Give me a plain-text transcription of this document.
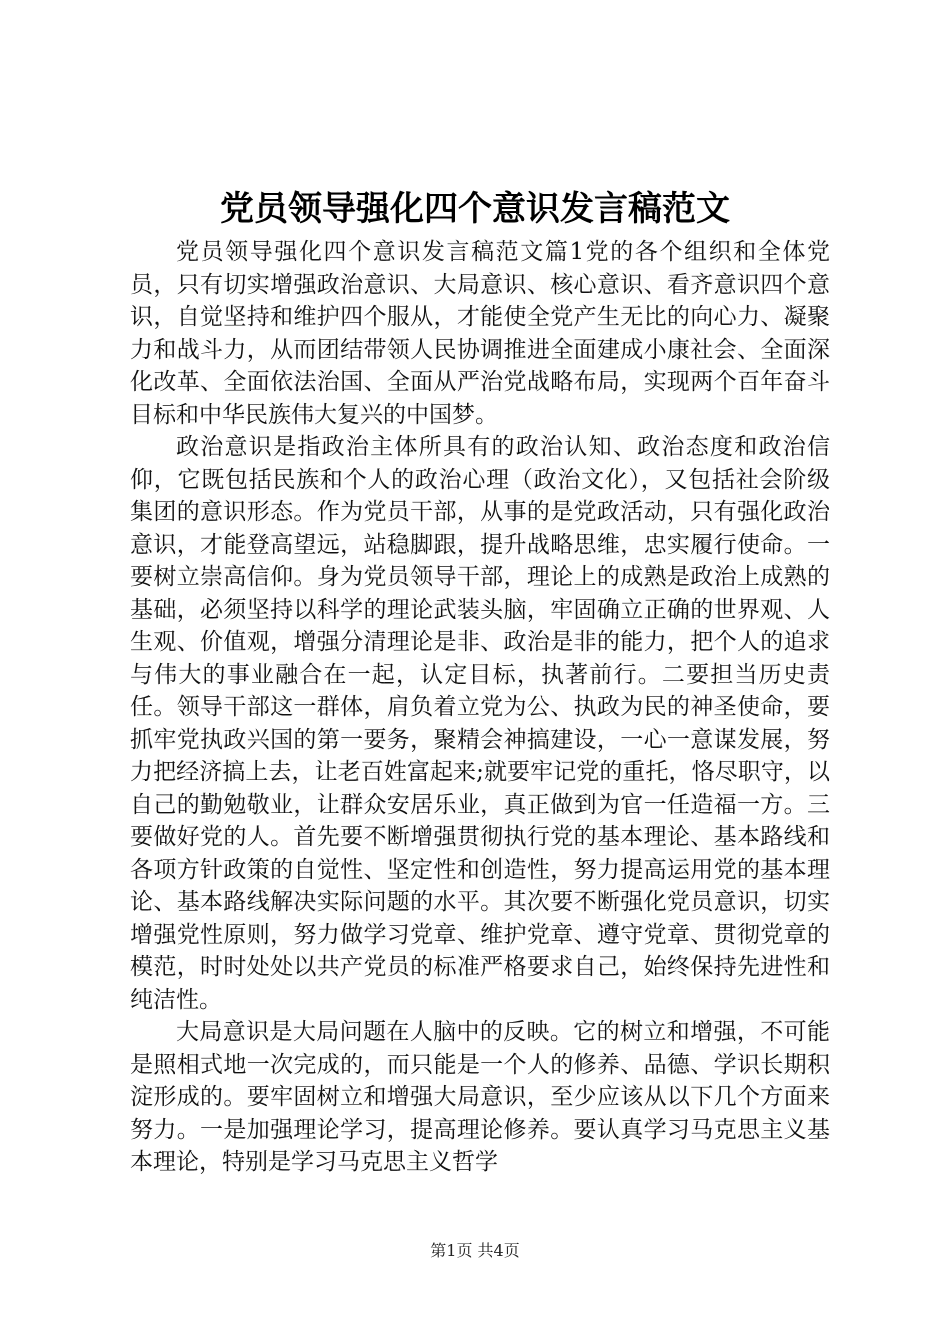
党员领导强化四个意识发言稿范文

党员领导强化四个意识发言稿范文篇1党的各个组织和全体党员，只有切实增强政治意识、大局意识、核心意识、看齐意识四个意识，自觉坚持和维护四个服从，才能使全党产生无比的向心力、凝聚力和战斗力，从而团结带领人民协调推进全面建成小康社会、全面深化改革、全面依法治国、全面从严治党战略布局，实现两个百年奋斗目标和中华民族伟大复兴的中国梦。

政治意识是指政治主体所具有的政治认知、政治态度和政治信仰，它既包括民族和个人的政治心理（政治文化），又包括社会阶级集团的意识形态。作为党员干部，从事的是党政活动，只有强化政治意识，才能登高望远，站稳脚跟，提升战略思维，忠实履行使命。一要树立崇高信仰。身为党员领导干部，理论上的成熟是政治上成熟的基础，必须坚持以科学的理论武装头脑，牢固确立正确的世界观、人生观、价值观，增强分清理论是非、政治是非的能力，把个人的追求与伟大的事业融合在一起，认定目标，执著前行。二要担当历史责任。领导干部这一群体，肩负着立党为公、执政为民的神圣使命，要抓牢党执政兴国的第一要务，聚精会神搞建设，一心一意谋发展，努力把经济搞上去，让老百姓富起来;就要牢记党的重托，恪尽职守，以自己的勤勉敬业，让群众安居乐业，真正做到为官一任造福一方。三要做好党的人。首先要不断增强贯彻执行党的基本理论、基本路线和各项方针政策的自觉性、坚定性和创造性，努力提高运用党的基本理论、基本路线解决实际问题的水平。其次要不断强化党员意识，切实增强党性原则，努力做学习党章、维护党章、遵守党章、贯彻党章的模范，时时处处以共产党员的标准严格要求自己，始终保持先进性和纯洁性。

大局意识是大局问题在人脑中的反映。它的树立和增强，不可能是照相式地一次完成的，而只能是一个人的修养、品德、学识长期积淀形成的。要牢固树立和增强大局意识，至少应该从以下几个方面来努力。一是加强理论学习，提高理论修养。要认真学习马克思主义基本理论，特别是学习马克思主义哲学

第1页 共4页
